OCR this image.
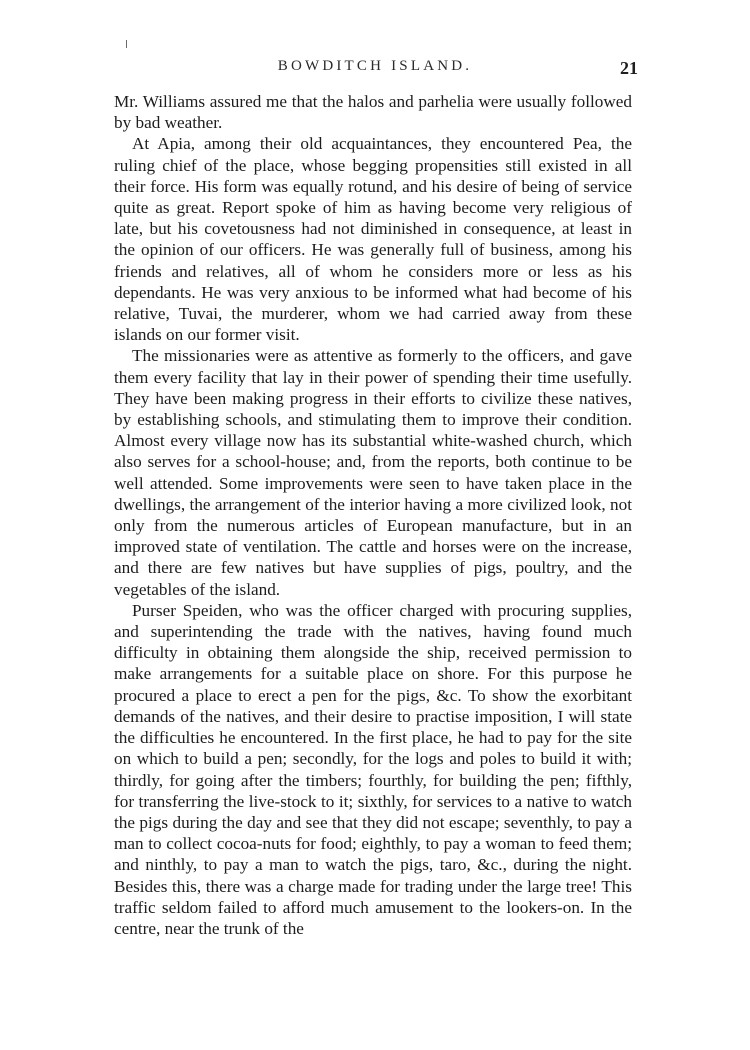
BOWDITCH ISLAND.	21

Mr. Williams assured me that the halos and parhelia were usually followed by bad weather.

At Apia, among their old acquaintances, they encountered Pea, the ruling chief of the place, whose begging propensities still existed in all their force. His form was equally rotund, and his desire of being of service quite as great. Report spoke of him as having become very religious of late, but his covetousness had not diminished in consequence, at least in the opinion of our officers. He was generally full of business, among his friends and relatives, all of whom he considers more or less as his dependants. He was very anxious to be informed what had become of his relative, Tuvai, the murderer, whom we had carried away from these islands on our former visit.

The missionaries were as attentive as formerly to the officers, and gave them every facility that lay in their power of spending their time usefully. They have been making progress in their efforts to civilize these natives, by establishing schools, and stimulating them to improve their condition. Almost every village now has its substantial white-washed church, which also serves for a school-house; and, from the reports, both continue to be well attended. Some improvements were seen to have taken place in the dwellings, the arrangement of the interior having a more civilized look, not only from the numerous articles of European manufacture, but in an improved state of ventilation. The cattle and horses were on the increase, and there are few natives but have supplies of pigs, poultry, and the vegetables of the island.

Purser Speiden, who was the officer charged with procuring supplies, and superintending the trade with the natives, having found much difficulty in obtaining them alongside the ship, received permission to make arrangements for a suitable place on shore. For this purpose he procured a place to erect a pen for the pigs, &c. To show the exorbitant demands of the natives, and their desire to practise imposition, I will state the difficulties he encountered. In the first place, he had to pay for the site on which to build a pen; secondly, for the logs and poles to build it with; thirdly, for going after the timbers; fourthly, for building the pen; fifthly, for transferring the live-stock to it; sixthly, for services to a native to watch the pigs during the day and see that they did not escape; seventhly, to pay a man to collect cocoa-nuts for food; eighthly, to pay a woman to feed them; and ninthly, to pay a man to watch the pigs, taro, &c., during the night. Besides this, there was a charge made for trading under the large tree! This traffic seldom failed to afford much amusement to the lookers-on. In the centre, near the trunk of the
